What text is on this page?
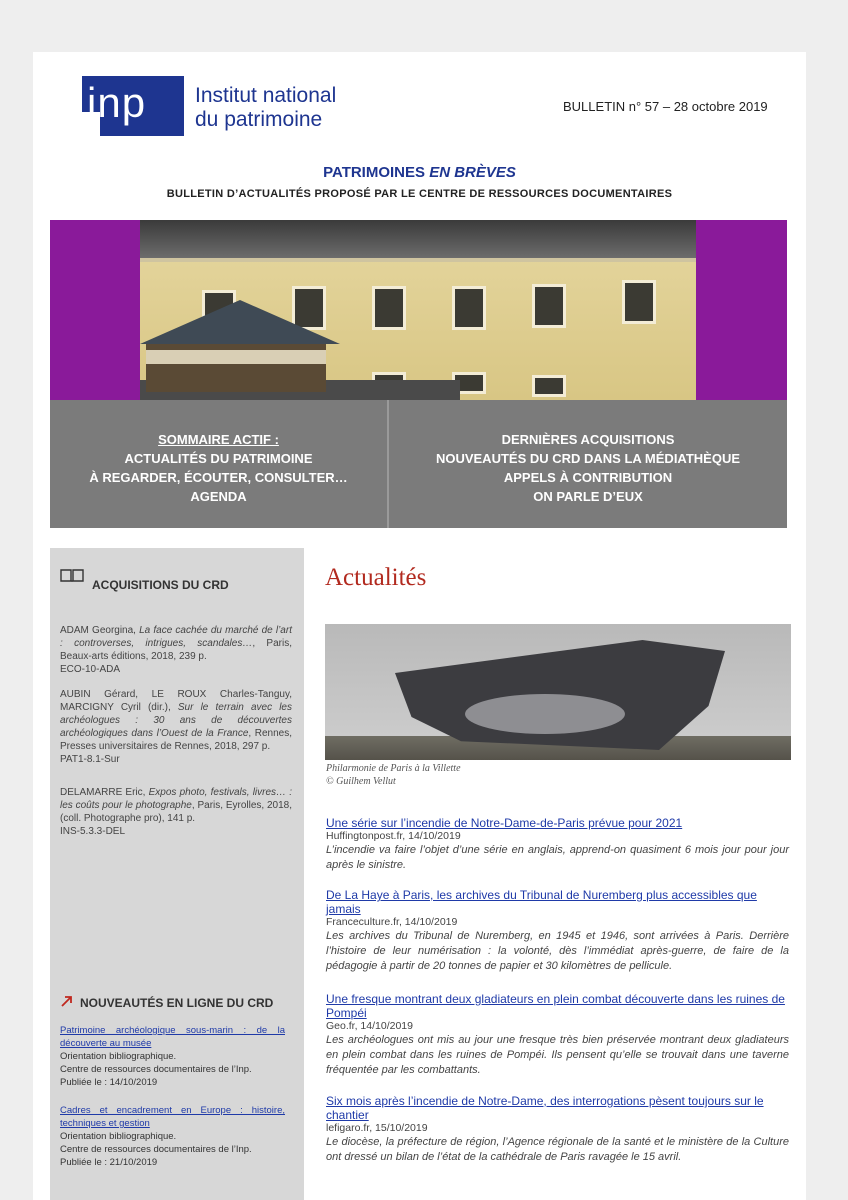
inp Institut national
du patrimoine
BULLETIN n° 57 – 28 octobre 2019
PATRIMOINES EN BRÈVES
BULLETIN D’ACTUALITÉS PROPOSÉ PAR LE CENTRE DE RESSOURCES DOCUMENTAIRES
SOMMAIRE ACTIF :
ACTUALITÉS DU PATRIMOINE
À REGARDER, ÉCOUTER, CONSULTER…
AGENDA
DERNIÈRES ACQUISITIONS
NOUVEAUTÉS DU CRD DANS LA MÉDIATHÈQUE
APPELS À CONTRIBUTION
ON PARLE D’EUX
ACQUISITIONS DU CRD
ADAM Georgina, La face cachée du marché de l’art : controverses, intrigues, scandales…, Paris, Beaux-arts éditions, 2018, 239 p.
ECO-10-ADA
AUBIN Gérard, LE ROUX Charles-Tanguy, MARCIGNY Cyril (dir.), Sur le terrain avec les archéologues : 30 ans de découvertes archéologiques dans l’Ouest de la France, Rennes, Presses universitaires de Rennes, 2018, 297 p.
PAT1-8.1-Sur
DELAMARRE Eric, Expos photo, festivals, livres… : les coûts pour le photographe, Paris, Eyrolles, 2018, (coll. Photographe pro), 141 p.
INS-5.3.3-DEL
NOUVEAUTÉS EN LIGNE DU CRD
Patrimoine archéologique sous-marin : de la découverte au musée
Orientation bibliographique.
Centre de ressources documentaires de l’Inp.
Publiée le : 14/10/2019
Cadres et encadrement en Europe : histoire, techniques et gestion
Orientation bibliographique.
Centre de ressources documentaires de l’Inp.
Publiée le : 21/10/2019
Actualités
Philarmonie de Paris à la Villette
© Guilhem Vellut
Une série sur l’incendie de Notre-Dame-de-Paris prévue pour 2021
Huffingtonpost.fr, 14/10/2019
L’incendie va faire l’objet d’une série en anglais, apprend-on quasiment 6 mois jour pour jour après le sinistre.
De La Haye à Paris, les archives du Tribunal de Nuremberg plus accessibles que jamais
Franceculture.fr, 14/10/2019
Les archives du Tribunal de Nuremberg, en 1945 et 1946, sont arrivées à Paris. Derrière l’histoire de leur numérisation : la volonté, dès l’immédiat après-guerre, de faire de la pédagogie à partir de 20 tonnes de papier et 30 kilomètres de pellicule.
Une fresque montrant deux gladiateurs en plein combat découverte dans les ruines de Pompéi
Geo.fr, 14/10/2019
Les archéologues ont mis au jour une fresque très bien préservée montrant deux gladiateurs en plein combat dans les ruines de Pompéi. Ils pensent qu’elle se trouvait dans une taverne fréquentée par les combattants.
Six mois après l’incendie de Notre-Dame, des interrogations pèsent toujours sur le chantier
lefigaro.fr, 15/10/2019
Le diocèse, la préfecture de région, l’Agence régionale de la santé et le ministère de la Culture ont dressé un bilan de l’état de la cathédrale de Paris ravagée le 15 avril.
